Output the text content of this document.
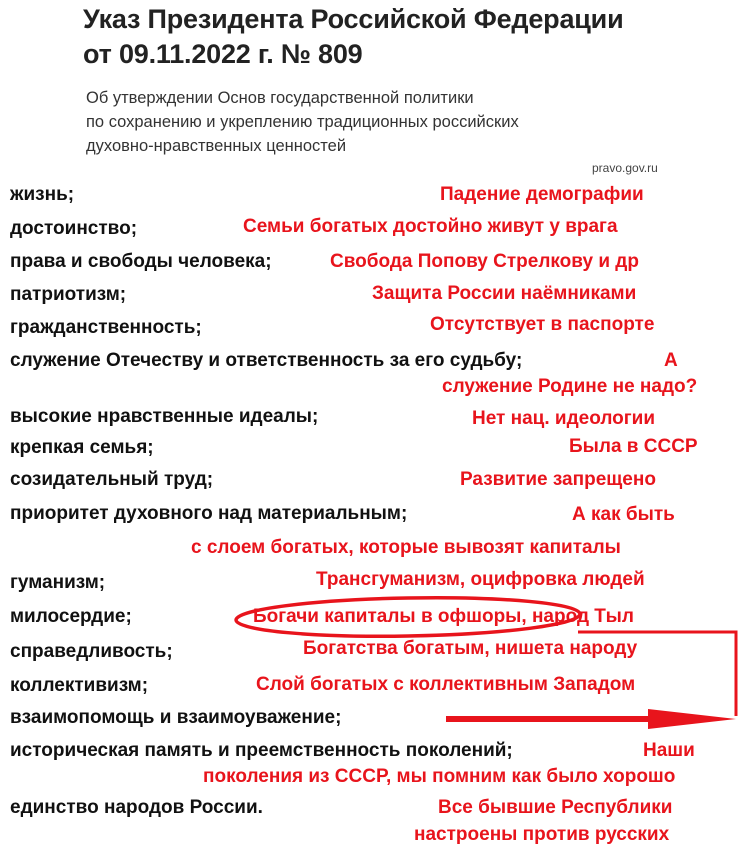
Указ Президента Российской Федерации
от 09.11.2022 г. № 809
Об утверждении Основ государственной политики
по сохранению и укреплению традиционных российских
духовно-нравственных ценностей
pravo.gov.ru
жизнь;
достоинство;
права и свободы человека;
патриотизм;
гражданственность;
служение Отечеству и ответственность за его судьбу;
высокие нравственные идеалы;
крепкая семья;
созидательный труд;
приоритет духовного над материальным;
гуманизм;
милосердие;
справедливость;
коллективизм;
взаимопомощь и взаимоуважение;
историческая память и преемственность поколений;
единство народов России.
Падение демографии
Семьи богатых достойно живут у врага
Свобода Попову Стрелкову и др
Защита России наёмниками
Отсутствует в паспорте
А
служение Родине не надо?
Нет нац. идеологии
Была в СССР
Развитие запрещено
А как быть
с слоем богатых, которые вывозят капиталы
Трансгуманизм, оцифровка людей
Богачи капиталы в офшоры, народ Тыл
Богатства богатым, нишета народу
Слой богатых с коллективным Западом
Наши
поколения из СССР, мы помним как было хорошо
Все бывшие Республики
настроены против русских
